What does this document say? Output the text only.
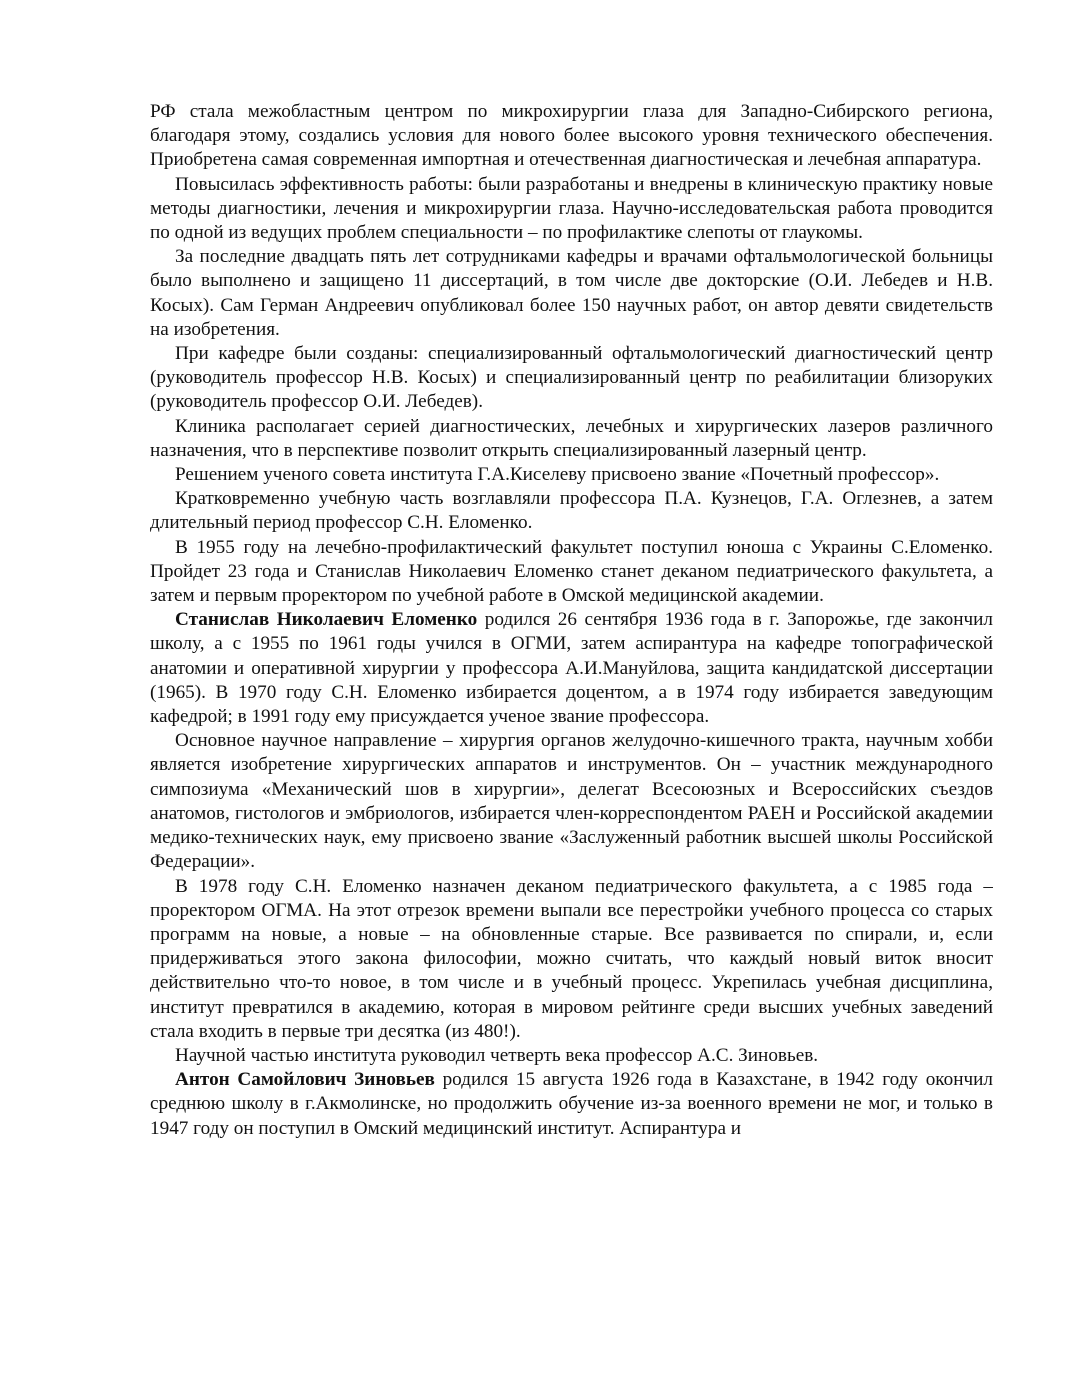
РФ стала межобластным центром по микрохирургии глаза для Западно-Сибирского региона, благодаря этому, создались условия для нового более высокого уровня технического обеспечения. Приобретена самая современная импортная и отечественная диагностическая и лечебная аппаратура.

Повысилась эффективность работы: были разработаны и внедрены в клиническую практику новые методы диагностики, лечения и микрохирургии глаза. Научно-исследовательская работа проводится по одной из ведущих проблем специальности – по профилактике слепоты от глаукомы.

За последние двадцать пять лет сотрудниками кафедры и врачами офтальмологической больницы было выполнено и защищено 11 диссертаций, в том числе две докторские (О.И. Лебедев и Н.В. Косых). Сам Герман Андреевич опубликовал более 150 научных работ, он автор девяти свидетельств на изобретения.

При кафедре были созданы: специализированный офтальмологический диагностический центр (руководитель профессор Н.В. Косых) и специализированный центр по реабилитации близоруких (руководитель профессор О.И. Лебедев).

Клиника располагает серией диагностических, лечебных и хирургических лазеров различного назначения, что в перспективе позволит открыть специализированный лазерный центр.

Решением ученого совета института Г.А.Киселеву присвоено звание «Почетный профессор».

Кратковременно учебную часть возглавляли профессора П.А. Кузнецов, Г.А. Оглезнев, а затем длительный период профессор С.Н. Еломенко.

В 1955 году на лечебно-профилактический факультет поступил юноша с Украины С.Еломенко. Пройдет 23 года и Станислав Николаевич Еломенко станет деканом педиатрического факультета, а затем и первым проректором по учебной работе в Омской медицинской академии.

Станислав Николаевич Еломенко родился 26 сентября 1936 года в г. Запорожье, где закончил школу, а с 1955 по 1961 годы учился в ОГМИ, затем аспирантура на кафедре топографической анатомии и оперативной хирургии у профессора А.И.Мануйлова, защита кандидатской диссертации (1965). В 1970 году С.Н. Еломенко избирается доцентом, а в 1974 году избирается заведующим кафедрой; в 1991 году ему присуждается ученое звание профессора.

Основное научное направление – хирургия органов желудочно-кишечного тракта, научным хобби является изобретение хирургических аппаратов и инструментов. Он – участник международного симпозиума «Механический шов в хирургии», делегат Всесоюзных и Всероссийских съездов анатомов, гистологов и эмбриологов, избирается член-корреспондентом РАЕН и Российской академии медико-технических наук, ему присвоено звание «Заслуженный работник высшей школы Российской Федерации».

В 1978 году С.Н. Еломенко назначен деканом педиатрического факультета, а с 1985 года – проректором ОГМА. На этот отрезок времени выпали все перестройки учебного процесса со старых программ на новые, а новые – на обновленные старые. Все развивается по спирали, и, если придерживаться этого закона философии, можно считать, что каждый новый виток вносит действительно что-то новое, в том числе и в учебный процесс. Укрепилась учебная дисциплина, институт превратился в академию, которая в мировом рейтинге среди высших учебных заведений стала входить в первые три десятка (из 480!).

Научной частью института руководил четверть века профессор А.С. Зиновьев.

Антон Самойлович Зиновьев родился 15 августа 1926 года в Казахстане, в 1942 году окончил среднюю школу в г.Акмолинске, но продолжить обучение из-за военного времени не мог, и только в 1947 году он поступил в Омский медицинский институт. Аспирантура и
